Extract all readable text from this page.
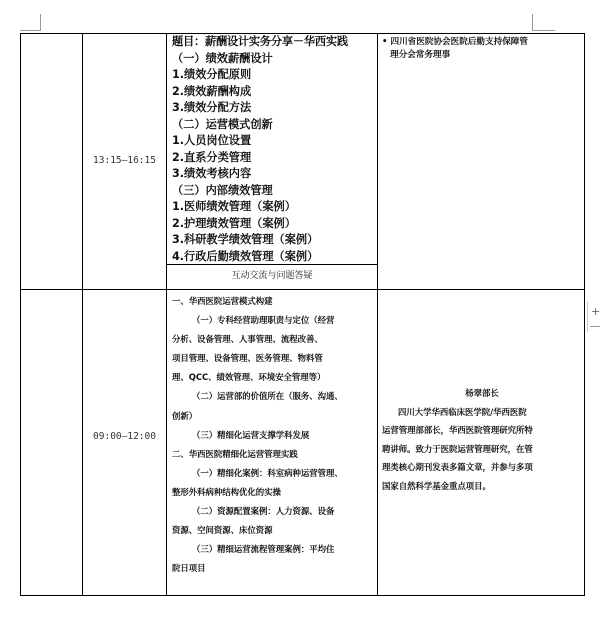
+
13:15–16:15

题目：薪酬设计实务分享－华西实践

（一）绩效薪酬设计

1.绩效分配原则

2.绩效薪酬构成

3.绩效分配方法

（二）运营模式创新

1.人员岗位设置

2.直系分类管理

3.绩效考核内容

（三）内部绩效管理

1.医师绩效管理（案例）

2.护理绩效管理（案例）

3.科研教学绩效管理（案例）

4.行政后勤绩效管理（案例）

互动交流与问题答疑
• 四川省医院协会医院后勤支持保障管
理分会常务理事
09:00—12:00

一、华西医院运营模式构建

（一）专科经营助理职责与定位（经营

分析、设备管理、人事管理、流程改善、

项目管理、设备管理、医务管理、物料管

理、QCC、绩效管理、环境安全管理等）

（二）运营部的价值所在（服务、沟通、

创新）

（三）精细化运营支撑学科发展

二、华西医院精细化运营管理实践

（一）精细化案例：科室病种运营管理、

整形外科病种结构优化的实操

（二）资源配置案例：人力资源、设备

资源、空间资源、床位资源

（三）精细运营流程管理案例：平均住

院日项目

杨翠部长

四川大学华西临床医学院/华西医院

运营管理部部长，华西医院管理研究所特

聘讲师。致力于医院运营管理研究，在管

理类核心期刊发表多篇文章，并参与多项

国家自然科学基金重点项目。
